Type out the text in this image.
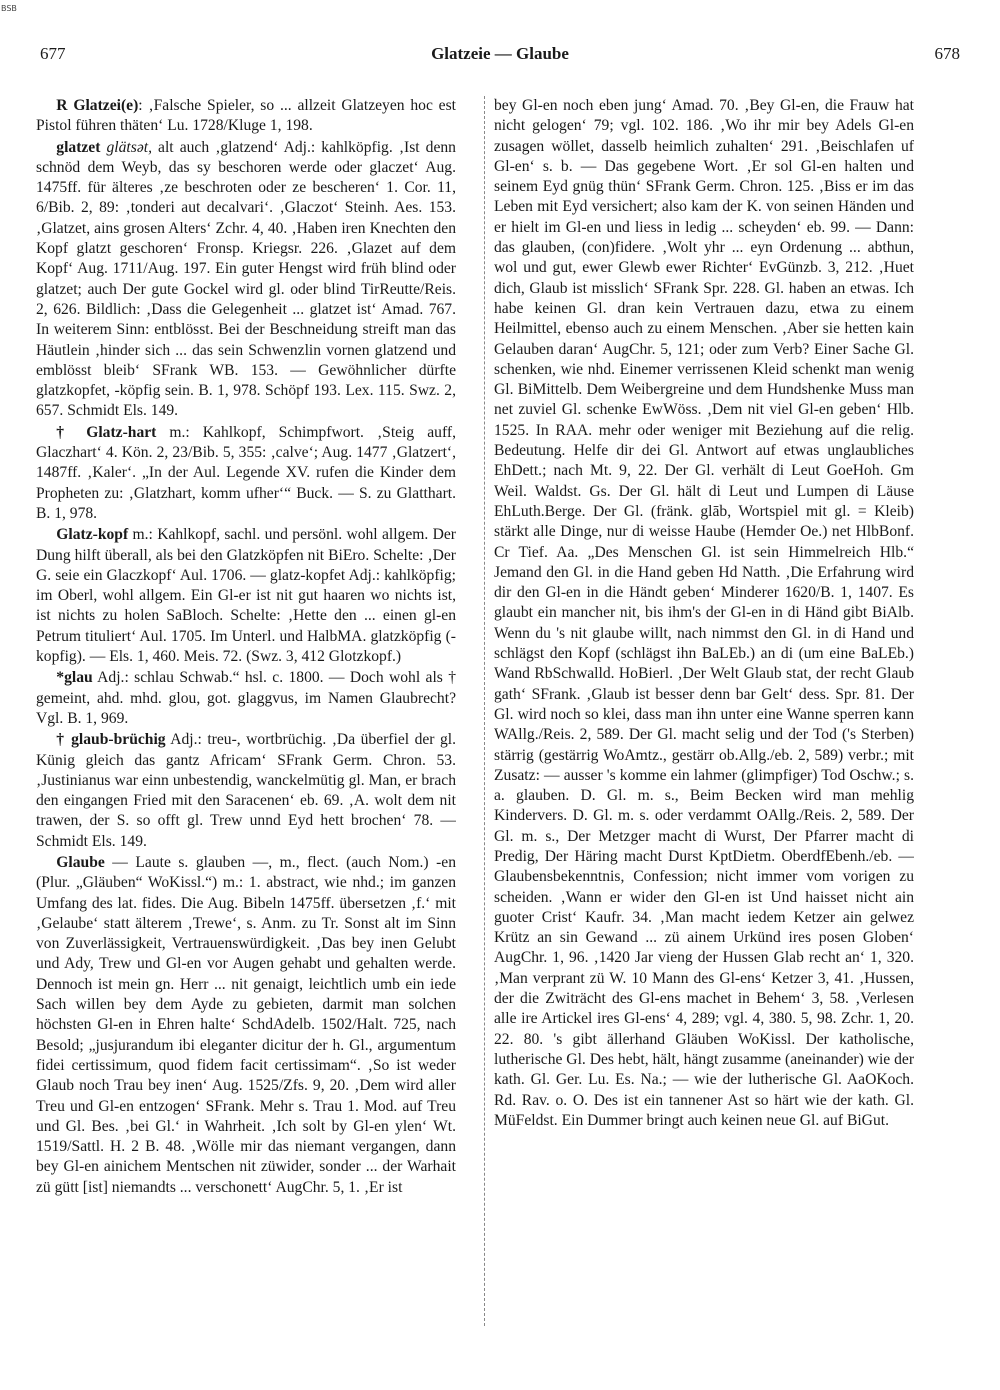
BSB
677	Glatzeie — Glaube	678

R Glatzei(e): ‚Falsche Spieler, so ... allzeit Glatzeyen hoc est Pistol führen thäten‘ Lu. 1728/Kluge 1, 198.

glatzet glätsət, alt auch ‚glatzend‘ Adj.: kahlköpfig. ‚Ist denn schnöd dem Weyb, das sy beschoren werde oder glaczet‘ Aug. 1475ff. für älteres ‚ze beschroten oder ze bescheren‘ 1. Cor. 11, 6/Bib. 2, 89: ‚tonderi aut decalvari‘. ‚Glaczot‘ Steinh. Aes. 153. ‚Glatzet, ains grosen Alters‘ Zchr. 4, 40. ‚Haben iren Knechten den Kopf glatzt geschoren‘ Fronsp. Kriegsr. 226. ‚Glazet auf dem Kopf‘ Aug. 1711/Aug. 197. Ein guter Hengst wird früh blind oder glatzet; auch Der gute Gockel wird gl. oder blind TirReutte/Reis. 2, 626. Bildlich: ‚Dass die Gelegenheit ... glatzet ist‘ Amad. 767. In weiterem Sinn: entblösst. Bei der Beschneidung streift man das Häutlein ‚hinder sich ... das sein Schwenzlin vornen glatzend und emblösst bleib‘ SFrank WB. 153. — Gewöhnlicher dürfte glatzkopfet, -köpfig sein. B. 1, 978. Schöpf 193. Lex. 115. Swz. 2, 657. Schmidt Els. 149.

† Glatz-hart m.: Kahlkopf, Schimpfwort. ‚Steig auff, Glaczhart‘ 4. Kön. 2, 23/Bib. 5, 355: ‚calve‘; Aug. 1477 ‚Glatzert‘, 1487ff. ‚Kaler‘. „In der Aul. Legende XV. rufen die Kinder dem Propheten zu: ‚Glatzhart, komm ufher‘“ Buck. — S. zu Glatthart. B. 1, 978.

Glatz-kopf m.: Kahlkopf, sachl. und persönl. wohl allgem. Der Dung hilft überall, als bei den Glatzköpfen nit BiEro. Schelte: ‚Der G. seie ein Glaczkopf‘ Aul. 1706. — glatz-kopfet Adj.: kahlköpfig; im Oberl, wohl allgem. Ein Gl-er ist nit gut haaren wo nichts ist, ist nichts zu holen SaBloch. Schelte: ‚Hette den ... einen gl-en Petrum tituliert‘ Aul. 1705. Im Unterl. und HalbMA. glatzköpfig (-kopfig). — Els. 1, 460. Meis. 72. (Swz. 3, 412 Glotzkopf.)

*glau Adj.: schlau Schwab.“ hsl. c. 1800. — Doch wohl als † gemeint, ahd. mhd. glou, got. glaggvus, im Namen Glaubrecht? Vgl. B. 1, 969.

† glaub-brüchig Adj.: treu-, wortbrüchig. ‚Da überfiel der gl. Künig gleich das gantz Africam‘ SFrank Germ. Chron. 53. ‚Justinianus war einn unbestendig, wanckelmütig gl. Man, er brach den eingangen Fried mit den Saracenen‘ eb. 69. ‚A. wolt dem nit trawen, der S. so offt gl. Trew unnd Eyd hett brochen‘ 78. — Schmidt Els. 149.

Glaube — Laute s. glauben —, m., flect. (auch Nom.) -en (Plur. „Gläuben“ WoKissl.“) m.: 1. abstract, wie nhd.; im ganzen Umfang des lat. fides. Die Aug. Bibeln 1475ff. übersetzen ‚f.‘ mit ‚Gelaube‘ statt älterem ‚Trewe‘, s. Anm. zu Tr. Sonst alt im Sinn von Zuverlässigkeit, Vertrauenswürdigkeit. ‚Das bey inen Gelubt und Ady, Trew und Gl-en vor Augen gehabt und gehalten werde. Dennoch ist mein gn. Herr ... nit genaigt, leichtlich umb ein iede Sach willen bey dem Ayde zu gebieten, darmit man solchen höchsten Gl-en in Ehren halte‘ SchdAdelb. 1502/Halt. 725, nach Besold; „jusjurandum ibi eleganter dicitur der h. Gl., argumentum fidei certissimum, quod fidem facit certissimam“. ‚So ist weder Glaub noch Trau bey inen‘ Aug. 1525/Zfs. 9, 20. ‚Dem wird aller Treu und Gl-en entzogen‘ SFrank. Mehr s. Trau 1. Mod. auf Treu und Gl. Bes. ‚bei Gl.‘ in Wahrheit. ‚Ich solt by Gl-en ylen‘ Wt. 1519/Sattl. H. 2 B. 48. ‚Wölle mir das niemant vergangen, dann bey Gl-en ainichem Mentschen nit züwider, sonder ... der Warhait zü gütt [ist] niemandts ... verschonett‘ AugChr. 5, 1. ‚Er ist

bey Gl-en noch eben jung‘ Amad. 70. ‚Bey Gl-en, die Frauw hat nicht gelogen‘ 79; vgl. 102. 186. ‚Wo ihr mir bey Adels Gl-en zusagen wöllet, dasselb heimlich zuhalten‘ 291. ‚Beischlafen uf Gl-en‘ s. b. — Das gegebene Wort. ‚Er sol Gl-en halten und seinem Eyd gnüg thün‘ SFrank Germ. Chron. 125. ‚Biss er im das Leben mit Eyd versichert; also kam der K. von seinen Händen und er hielt im Gl-en und liess in ledig ... scheyden‘ eb. 99. — Dann: das glauben, (con)fidere. ‚Wolt yhr ... eyn Ordenung ... abthun, wol und gut, ewer Glewb ewer Richter‘ EvGünzb. 3, 212. ‚Huet dich, Glaub ist misslich‘ SFrank Spr. 228. Gl. haben an etwas. Ich habe keinen Gl. dran kein Vertrauen dazu, etwa zu einem Heilmittel, ebenso auch zu einem Menschen. ‚Aber sie hetten kain Gelauben daran‘ AugChr. 5, 121; oder zum Verb? Einer Sache Gl. schenken, wie nhd. Einemer verrissenen Kleid schenkt man wenig Gl. BiMittelb. Dem Weibergreine und dem Hundshenke Muss man net zuviel Gl. schenke EwWöss. ‚Dem nit viel Gl-en geben‘ Hlb. 1525. In RAA. mehr oder weniger mit Beziehung auf die relig. Bedeutung. Helfe dir dei Gl. Antwort auf etwas unglaubliches EhDett.; nach Mt. 9, 22. Der Gl. verhält di Leut GoeHoh. Gm Weil. Waldst. Gs. Der Gl. hält di Leut und Lumpen di Läuse EhLuth.Berge. Der Gl. (fränk. glāb, Wortspiel mit gl. = Kleib) stärkt alle Dinge, nur di weisse Haube (Hemder Oe.) net HlbBonf. Cr Tief. Aa. „Des Menschen Gl. ist sein Himmelreich Hlb.“ Jemand den Gl. in die Hand geben Hd Natth. ‚Die Erfahrung wird dir den Gl-en in die Händt geben‘ Minderer 1620/B. 1, 1407. Es glaubt ein mancher nit, bis ihm's der Gl-en in di Händ gibt BiAlb. Wenn du 's nit glaube willt, nach nimmst den Gl. in di Hand und schlägst den Kopf (schlägst ihn BaLEb.) an di (um eine BaLEb.) Wand RbSchwalld. HoBierl. ‚Der Welt Glaub stat, der recht Glaub gath‘ SFrank. ‚Glaub ist besser denn bar Gelt‘ dess. Spr. 81. Der Gl. wird noch so klei, dass man ihn unter eine Wanne sperren kann WAllg./Reis. 2, 589. Der Gl. macht selig und der Tod ('s Sterben) stärrig (gestärrig WoAmtz., gestärr ob.Allg./eb. 2, 589) verbr.; mit Zusatz: — ausser 's komme ein lahmer (glimpfiger) Tod Oschw.; s. a. glauben. D. Gl. m. s., Beim Becken wird man mehlig Kindervers. D. Gl. m. s. oder verdammt OAllg./Reis. 2, 589. Der Gl. m. s., Der Metzger macht di Wurst, Der Pfarrer macht di Predig, Der Häring macht Durst KptDietm. OberdfEbenh./eb. — Glaubensbekenntnis, Confession; nicht immer vom vorigen zu scheiden. ‚Wann er wider den Gl-en ist Und haisset nicht ain guoter Crist‘ Kaufr. 34. ‚Man macht iedem Ketzer ain gelwez Krütz an sin Gewand ... zü ainem Urkünd ires posen Globen‘ AugChr. 1, 96. ‚1420 Jar vieng der Hussen Glab recht an‘ 1, 320. ‚Man verprant zü W. 10 Mann des Gl-ens‘ Ketzer 3, 41. ‚Hussen, der die Zwiträcht des Gl-ens machet in Behem‘ 3, 58. ‚Verlesen alle ire Artickel ires Gl-ens‘ 4, 289; vgl. 4, 380. 5, 98. Zchr. 1, 20. 22. 80. 's gibt ällerhand Gläuben WoKissl. Der katholische, lutherische Gl. Des hebt, hält, hängt zusamme (aneinander) wie der kath. Gl. Ger. Lu. Es. Na.; — wie der lutherische Gl. AaOKoch. Rd. Rav. o. O. Des ist ein tannener Ast so härt wie der kath. Gl. MüFeldst. Ein Dummer bringt auch keinen neue Gl. auf BiGut.
